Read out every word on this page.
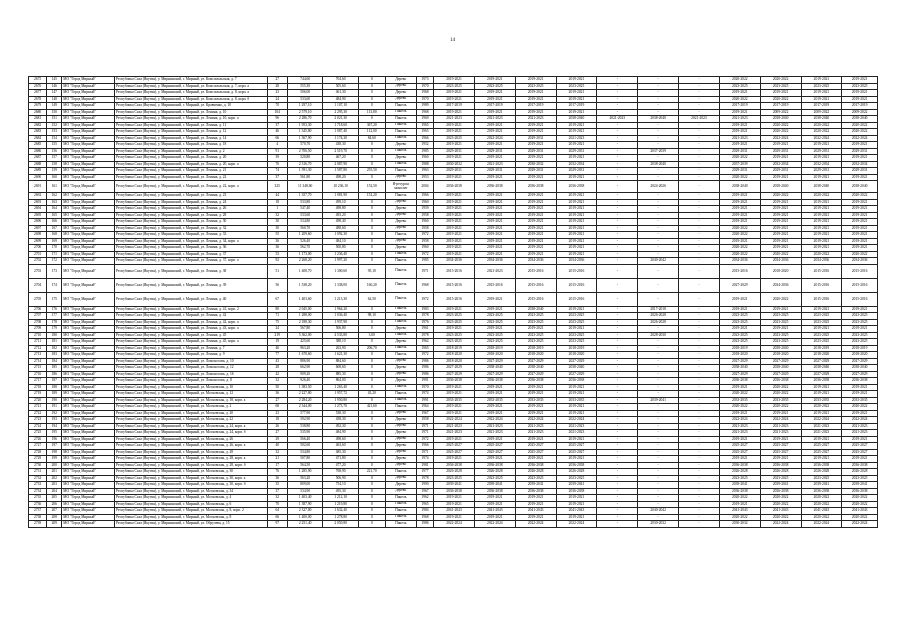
14
2675	145	МО "Город Мирный"	Республика Саха (Якутия), у. Мирнинский, г. Мирный, ул. Комсомольская, д. 7	27	744,60	704,60	0	Дерево	1973	2019-2021	2019-2021	2019-2021	2019-2021	-	-	-	2020-2022	2020-2022	2019-2021	2019-2021
2676	146	МО "Город Мирный"	Республика Саха (Якутия), у. Мирнинский, г. Мирный, ул. Комсомольская, д. 7, корп. а	28	555,30	505,60	0	Дерево	1970	2023-2025	2023-2025	2023-2025	2023-2025	-	-	-	2023-2025	2023-2025	2023-2025	2023-2025
2677	147	МО "Город Мирный"	Республика Саха (Якутия), у. Мирнинский, г. Мирный, ул. Комсомольская, д. 8, корп. а	23	506,00	461,30	0	Дерево	1968	2019-2021	2019-2021	2019-2021	2019-2021	-	-	-	2019-2021	2019-2021	2019-2021	2019-2021
2678	148	МО "Город Мирный"	Республика Саха (Якутия), у. Мирнинский, г. Мирный, ул. Комсомольская, д. 8, корп. б	24	533,60	484,90	0	Дерево	1970	2019-2021	2019-2021	2019-2021	2019-2021	-	-	-	2020-2022	2020-2022	2019-2021	2019-2021
2679	149	МО "Город Мирный"	Республика Саха (Якутия), у. Мирнинский, г. Мирный, ул. Кравченко, д. 10	70	1 297,10	1 107,10	0	Панель	1989	2017-2019	2017-2019	2017-2019	2017-2019	-	-	-	2017-2019	2017-2019	2017-2019	2017-2019
2680	150	МО "Город Мирный"	Республика Саха (Якутия), у. Мирнинский, г. Мирный, ул. Ленина, д. 10	104	2 579,10	2 295,30	113,80	Панель	1968	2019-2021	2019-2021	2019-2021	2019-2021	-	-	-	2019-2021	2009-2022	2009-2022	2009-2022
2681	151	МО "Город Мирный"	Республика Саха (Якутия), у. Мирнинский, г. Мирный, ул. Ленина, д. 10, корп. а	96	2 286,70	2 021,30	0	Панель	1969	2021-2023	2021-2023	2021-2023	2038-2040	2021-2023	2038-2040	2021-2023	2021-2023	2038-2040	2038-2040	2038-2040
2682	152	МО "Город Мирный"	Республика Саха (Якутия), у. Мирнинский, г. Мирный, ул. Ленина, д. 11	37	1 953,30	1 718,60	367,20	Панель	1965	2019-2021	2019-2021	2019-2021	2019-2021	-	-	-	2019-2021	2020-2022	2020-2022	2020-2022
2683	153	МО "Город Мирный"	Республика Саха (Якутия), у. Мирнинский, г. Мирный, ул. Ленина, д. 12	46	1 345,80	1 087,40	112,00	Панель	1965	2019-2021	2019-2021	2019-2021	2019-2021	-	-	-	2019-2021	2020-2022	2020-2022	2020-2022
2684	154	МО "Город Мирный"	Республика Саха (Якутия), у. Мирнинский, г. Мирный, ул. Ленина, д. 14	66	1 367,90	1 174,30	84,60	Панель	1966	2023-2025	2022-2024	2029-2031	2021-2023	-	-	-	2021-2023	2022-2024	2022-2024	2022-2024
2685	155	МО "Город Мирный"	Республика Саха (Якутия), у. Мирнинский, г. Мирный, ул. Ленина, д. 18	4	570,70	438,30	0	Дерево	1952	2019-2021	2019-2021	2019-2021	2019-2021	-	-	-	2019-2021	2019-2021	2019-2021	2019-2021
2686	156	МО "Город Мирный"	Республика Саха (Якутия), у. Мирнинский, г. Мирный, ул. Ленина, д. 2	91	2 706,50	2 519,70	0	Панель	1985	2029-2031	2029-2031	2029-2031	2029-2031	-	2037-2039	-	2029-2031	2029-2031	2029-2031	2029-2031
2687	157	МО "Город Мирный"	Республика Саха (Якутия), у. Мирнинский, г. Мирный, ул. Ленина, д. 20	39	520,80	467,20	0	Дерево	1960	2019-2021	2019-2021	2019-2021	2019-2021	-	-	-	2020-2022	2019-2021	2019-2021	2019-2021
2688	158	МО "Город Мирный"	Республика Саха (Якутия), у. Мирнинский, г. Мирный, ул. Ленина, д. 20, корп. а	76	2 316,70	2 087,90	0	Панель	1988	2030-2032	2021-2023	2030-2032	2032-2034	-	2038-2040	-	2037-2039	2032-2034	2032-2034	2032-2034
2689	159	МО "Город Мирный"	Республика Саха (Якутия), у. Мирнинский, г. Мирный, ул. Ленина, д. 21	74	1 591,30	1 587,80	255,50	Панель	1963	2029-2031	2029-2031	2029-2031	2029-2031	-	-	-	2029-2031	2029-2031	2029-2031	2029-2031
2690	160	МО "Город Мирный"	Республика Саха (Якутия), у. Мирнинский, г. Мирный, ул. Ленина, д. 22	37	561,80	498,20	0	Дерево	1953	2019-2021	2019-2021	2019-2021	2019-2021	-	-	-	2020-2022	2019-2021	2019-2021	2019-2021
2691	161	МО "Город Мирный"	Республика Саха (Якутия), у. Мирнинский, г. Мирный, ул. Ленина, д. 22, корп. а	325	11 348,60	10 236,10	152,50	Я-ресурсы монолит	2004	2036-2038	2036-2038	2036-2038	2036-2038	-	2024-2026	-	2038-2040	2038-2040	2038-2040	2038-2040
2692	162	МО "Город Мирный"	Республика Саха (Якутия), у. Мирнинский, г. Мирный, ул. Ленина, д. 23	44	1 357,70	1 081,90	152,20	Панель	1966	2019-2021	2019-2021	2019-2021	2019-2021	-	-	-	2019-2021	2020-2022	2020-2022	2020-2022
2693	163	МО "Город Мирный"	Республика Саха (Якутия), у. Мирнинский, г. Мирный, ул. Ленина, д. 24	18	533,80	499,10	0	Дерево	1960	2019-2021	2019-2021	2019-2021	2019-2021	-	-	-	2019-2021	2019-2021	2019-2021	2019-2021
2694	164	МО "Город Мирный"	Республика Саха (Якутия), у. Мирнинский, г. Мирный, ул. Ленина, д. 26	1	547,40	498,80	0	Дерево	1959	2019-2021	2019-2021	2019-2021	2019-2021	-	-	-	2019-2021	2019-2021	2019-2021	2019-2021
2695	165	МО "Город Мирный"	Республика Саха (Якутия), у. Мирнинский, г. Мирный, ул. Ленина, д. 28	32	533,60	493,20	0	Дерево	1958	2019-2021	2019-2021	2019-2021	2019-2021	-	-	-	2019-2021	2019-2021	2019-2021	2019-2021
2696	166	МО "Город Мирный"	Республика Саха (Якутия), у. Мирнинский, г. Мирный, ул. Ленина, д. 30	30	534,80	498,40	0	Дерево	1960	2019-2021	2019-2021	2019-2021	2019-2021	-	-	-	2019-2021	2019-2021	2019-2021	2019-2021
2697	167	МО "Город Мирный"	Республика Саха (Якутия), у. Мирнинский, г. Мирный, ул. Ленина, д. 32	30	560,70	488,60	0	Дерево	1958	2019-2021	2019-2021	2019-2021	2019-2021	-	-	-	2020-2022	2019-2021	2019-2021	2019-2021
2698	168	МО "Город Мирный"	Республика Саха (Якутия), у. Мирнинский, г. Мирный, ул. Ленина, д. 33	55	1 209,60	1 092,30	0	Панель	1972	2019-2021	2019-2021	2019-2021	2019-2021	-	-	-	2020-2022	2019-2021	2019-2021	2019-2021
2699	169	МО "Город Мирный"	Республика Саха (Якутия), у. Мирнинский, г. Мирный, ул. Ленина, д. 34, корп. а	36	526,40	484,10	0	Дерево	1958	2019-2021	2019-2021	2019-2021	2019-2021	-	-	-	2019-2021	2019-2021	2019-2021	2019-2021
2700	170	МО "Город Мирный"	Республика Саха (Якутия), у. Мирнинский, г. Мирный, ул. Ленина, д. 36	36	562,70	500,80	0	Дерево	1960	2019-2021	2019-2021	2019-2021	2019-2021	-	-	-	2020-2022	2019-2021	2019-2021	2019-2021
2701	171	МО "Город Мирный"	Республика Саха (Якутия), у. Мирнинский, г. Мирный, ул. Ленина, д. 37	53	1 173,00	1 236,40	0	Панель	1972	2019-2021	2019-2021	2019-2021	2019-2021	-	-	-	2020-2022	2020-2022	2020-2022	2020-2022
2702	172	МО "Город Мирный"	Республика Саха (Якутия), у. Мирнинский, г. Мирный, ул. Ленина, д. 37, корп. а	92	2 268,20	1 997,20	0	Панель	1985	2034-2036	2034-2036	2034-2036	2034-2036	-	2040-2042	-	2034-2036	2034-2036	2034-2036	2034-2036
2703	173	МО "Город Мирный"	Республика Саха (Якутия), у. Мирнинский, г. Мирный, ул. Ленина, д. 38	51	1 408,70	1 300,60	95,10	Панель	1971	2015-2016	2021-2023	2015-2016	2015-2016	-	-	-	2015-2016	2018-2020	2015-2016	2015-2016
2704	174	МО "Город Мирный"	Республика Саха (Якутия), у. Мирнинский, г. Мирный, ул. Ленина, д. 39	56	1 538,20	1 338,00	160,20	Панель	1968	2015-2016	2015-2016	2015-2016	2015-2016	-	-	-	2027-2029	2034-2036	2015-2016	2015-2016
2705	175	МО "Город Мирный"	Республика Саха (Якутия), у. Мирнинский, г. Мирный, ул. Ленина, д. 40	67	1 403,60	1 213,30	62,50	Панель	1972	2015-2016	2019-2021	2015-2016	2015-2016	-	-	-	2019-2021	2020-2022	2015-2016	2015-2016
2706	176	МО "Город Мирный"	Республика Саха (Якутия), у. Мирнинский, г. Мирный, ул. Ленина, д. 41, корп. 2	80	2 045,00	1 964,20	0	Панель	1983	2019-2021	2019-2021	2038-2040	2019-2021	-	2017-2018	-	2019-2021	2019-2021	2019-2021	2019-2021
2707	177	МО "Город Мирный"	Республика Саха (Якутия), у. Мирнинский, г. Мирный, ул. Ленина, д. 42	71	1 288,00	1 036,40	98,10	Панель	1978	2023-2025	2023-2025	2023-2025	2023-2025	-	2026-2028	-	2023-2025	2023-2025	2023-2025	2023-2025
2708	178	МО "Город Мирный"	Республика Саха (Якутия), у. Мирнинский, г. Мирный, ул. Ленина, д. 42, корп. а	75	2 188,30	1 937,90	0	Панель	1976	2023-2025	2023-2025	2023-2025	2023-2025	-	2026-2028	-	2023-2025	2023-2025	2023-2025	2023-2025
2709	179	МО "Город Мирный"	Республика Саха (Якутия), у. Мирнинский, г. Мирный, ул. Ленина, д. 43, корп. а	24	567,80	506,80	0	Дерево	1961	2019-2021	2019-2021	2019-2021	2019-2021	-	-	-	2019-2021	2019-2021	2019-2021	2019-2021
2710	180	МО "Город Мирный"	Республика Саха (Якутия), у. Мирнинский, г. Мирный, ул. Ленина, д. 45	219	5 362,00	4 533,80	3,00	Панель	1978	2023-2025	2023-2025	2023-2025	2023-2025	-	2028-2030	-	2023-2025	2023-2025	2023-2025	2023-2025
2711	181	МО "Город Мирный"	Республика Саха (Якутия), у. Мирнинский, г. Мирный, ул. Ленина, д. 45, корп. а	19	425,60	388,10	0	Дерево	1962	2023-2025	2023-2025	2023-2025	2023-2025	-	-	-	2023-2025	2023-2025	2023-2025	2023-2025
2712	182	МО "Город Мирный"	Республика Саха (Якутия), у. Мирнинский, г. Мирный, ул. Ленина, д. 7	46	963,20	263,90	206,70	Панель	1965	2018-2019	2018-2019	2018-2019	2018-2019	-	-	-	2018-2019	2038-2040	2018-2019	2018-2019
2713	183	МО "Город Мирный"	Республика Саха (Якутия), у. Мирнинский, г. Мирный, ул. Ленина, д. 9	77	1 678,60	1 621,30	0	Панель	1972	2018-2020	2018-2020	2018-2020	2018-2020	-	-	-	2018-2020	2018-2020	2018-2020	2018-2020
2714	184	МО "Город Мирный"	Республика Саха (Якутия), у. Мирнинский, г. Мирный, ул. Ломоносова, д. 10	43	886,90	884,60	0	Дерево	1986	2018-2020	2027-2029	2027-2029	2027-2029	-	-	-	2027-2029	2027-2029	2027-2029	2027-2029
2715	185	МО "Город Мирный"	Республика Саха (Якутия), у. Мирнинский, г. Мирный, ул. Ломоносова, д. 12	28	662,90	608,60	0	Дерево	1986	2027-2029	2038-2040	2038-2040	2038-2040	-	-	-	2038-2040	2038-2040	2038-2040	2038-2040
2716	186	МО "Город Мирный"	Республика Саха (Якутия), у. Мирнинский, г. Мирный, ул. Ломоносова, д. 16	42	909,20	885,30	0	Дерево	1986	2027-2029	2027-2029	2027-2029	2027-2029	-	-	-	2027-2029	2027-2029	2027-2029	2027-2029
2717	187	МО "Город Мирный"	Республика Саха (Якутия), у. Мирнинский, г. Мирный, ул. Ломоносова, д. 8	32	926,40	864,00	0	Дерево	1991	2036-2038	2036-2038	2036-2038	2036-2038	-	-	-	2036-2038	2036-2038	2036-2038	2036-2038
2718	188	МО "Город Мирный"	Республика Саха (Якутия), у. Мирнинский, г. Мирный, ул. Московская, д. 10	50	1 383,50	1 263,40	0	Панель	1970	2019-2021	2019-2021	2019-2021	2019-2021	-	-	-	2019-2021	2020-2022	2019-2021	2019-2021
2719	189	МО "Город Мирный"	Республика Саха (Якутия), у. Мирнинский, г. Мирный, ул. Московская, д. 12	36	2 227,80	1 957,72	43,20	Панель	1974	2019-2021	2019-2021	2019-2021	2019-2021	-	-	-	2020-2022	2020-2022	2019-2021	2019-2021
2720	190	МО "Город Мирный"	Республика Саха (Якутия), у. Мирнинский, г. Мирный, ул. Московская, д. 18, корп. а	27	2 284,20	1 950,80	0	Панель	1991	2033-2035	2033-2035	2033-2035	2033-2035	-	2039-2041	-	2033-2035	2033-2035	2033-2035	2033-2035
2721	191	МО "Город Мирный"	Республика Саха (Якутия), у. Мирнинский, г. Мирный, ул. Московская, д. 2	68	2 344,00	1 273,70	421,60	Панель	1964	2019-2021	2019-2021	2019-2021	2019-2021	-	-	-	2020-2022	2020-2022	2020-2022	2020-2022
2722	192	МО "Город Мирный"	Республика Саха (Якутия), у. Мирнинский, г. Мирный, ул. Московская, д. 20	23	577,90	538,30	0	Дерево	1967	2019-2021	2019-2021	2019-2021	2019-2021	-	-	-	2019-2021	2019-2021	2019-2021	2019-2021
2723	193	МО "Город Мирный"	Республика Саха (Якутия), у. Мирнинский, г. Мирный, ул. Московская, д. 22	18	592,90	458,30	0	Дерево	1958	2022-2024	2022-2024	2022-2024	2022-2024	-	-	-	2022-2024	2022-2024	2022-2024	2022-2024
2724	194	МО "Город Мирный"	Республика Саха (Якутия), у. Мирнинский, г. Мирный, ул. Московская, д. 24, корп. а	26	538,80	492,30	0	Дерево	1971	2021-2023	2021-2023	2021-2023	2021-2023	-	-	-	2021-2023	2021-2023	2021-2023	2021-2023
2725	195	МО "Город Мирный"	Республика Саха (Якутия), у. Мирнинский, г. Мирный, ул. Московская, д. 24, корп. б	27	535,90	484,90	0	Дерево	1971	2021-2023	2021-2023	2021-2023	2021-2023	-	-	-	2021-2023	2021-2023	2021-2023	2021-2023
2726	196	МО "Город Мирный"	Республика Саха (Якутия), у. Мирнинский, г. Мирный, ул. Московская, д. 26	29	566,40	498,60	0	Дерево	1972	2019-2021	2019-2021	2019-2021	2019-2021	-	-	-	2019-2021	2019-2021	2019-2021	2019-2021
2727	197	МО "Город Мирный"	Республика Саха (Якутия), у. Мирнинский, г. Мирный, ул. Московская, д. 26, корп. а	40	502,60	463,60	0	Дерево	1966	2025-2027	2025-2027	2025-2027	2025-2027	-	-	-	2025-2027	2025-2027	2025-2027	2025-2027
2728	198	МО "Город Мирный"	Республика Саха (Якутия), у. Мирнинский, г. Мирный, ул. Московская, д. 28	32	534,80	485,30	0	Дерево	1971	2025-2027	2025-2027	2025-2027	2025-2027	-	-	-	2025-2027	2025-2027	2025-2027	2025-2027
2729	199	МО "Город Мирный"	Республика Саха (Якутия), у. Мирнинский, г. Мирный, ул. Московская, д. 28, корп. а	21	507,80	471,80	0	Дерево	1974	2019-2021	2019-2021	2019-2021	2019-2021	-	-	-	2019-2021	2019-2021	2019-2021	2019-2021
2730	200	МО "Город Мирный"	Республика Саха (Якутия), у. Мирнинский, г. Мирный, ул. Московская, д. 28, корп. б	17	564,50	477,20	0	Дерево	1981	2036-2038	2036-2038	2036-2038	2036-2038	-	-	-	2036-2038	2036-2038	2036-2038	2036-2038
2731	201	МО "Город Мирный"	Республика Саха (Якутия), у. Мирнинский, г. Мирный, ул. Московская, д. 30	76	1 285,90	768,90	221,70	Панель	1977	2026-2028	2026-2028	2026-2028	2026-2028	-	-	-	2026-2028	2026-2028	2026-2028	2026-2028
2732	202	МО "Город Мирный"	Республика Саха (Якутия), у. Мирнинский, г. Мирный, ул. Московская, д. 30, корп. а	36	563,20	506,90	0	Дерево	1978	2023-2025	2023-2025	2023-2025	2023-2025	-	-	-	2023-2025	2023-2025	2023-2025	2023-2025
2733	203	МО "Город Мирный"	Республика Саха (Якутия), у. Мирнинский, г. Мирный, ул. Московская, д. 30, корп. б	35	809,00	754,10	0	Дерево	1990	2039-2041	2039-2041	2039-2041	2039-2041	-	-	-	2039-2041	2039-2041	2039-2041	2039-2041
2734	204	МО "Город Мирный"	Республика Саха (Якутия), у. Мирнинский, г. Мирный, ул. Московская, д. 34	37	534,90	495,30	0	Дерево	1967	2036-2038	2036-2038	2036-2038	2036-2038	-	-	-	2036-2038	2036-2038	2036-2038	2036-2038
2735	205	МО "Город Мирный"	Республика Саха (Якутия), у. Мирнинский, г. Мирный, ул. Московская, д. 4	32	1 403,40	1 212,10	0	Панель	1962	2019-2021	2019-2021	2019-2021	2019-2021	-	-	-	2020-2022	2020-2022	2020-2022	2020-2022
2736	206	МО "Город Мирный"	Республика Саха (Якутия), у. Мирнинский, г. Мирный, ул. Московская, д. 6	70	1 387,90	1 219,80	0	Панель	1965	2019-2021	2019-2021	2019-2021	2019-2021	-	-	-	2019-2021	2020-2022	2020-2022	2020-2022
2737	207	МО "Город Мирный"	Республика Саха (Якутия), у. Мирнинский, г. Мирный, ул. Московская, д. 8, корп. 2	64	2 327,80	1 632,40	0	Панель	1984	2041-2043	2041-2043	2041-2043	2041-2043	-	2040-2042	-	2041-2043	2041-2043	2041-2043	2041-2043
2738	208	МО "Город Мирный"	Республика Саха (Якутия), у. Мирнинский, г. Мирный, ул. Московская, д. 8	66	1 400,00	1 278,80	0	Панель	1968	2019-2021	2019-2021	2019-2021	2019-2021	-	-	-	2020-2022	2020-2022	2020-2022	2020-2022
2739	209	МО "Город Мирный"	Республика Саха (Якутия), у. Мирнинский, г. Мирный, ул. Обручева, д. 15	97	2 251,40	2 050,80	0	Панель	1986	2022-2024	2022-2024	2022-2024	2022-2024	-	2030-2032	-	2030-2032	2022-2024	2022-2024	2022-2024
